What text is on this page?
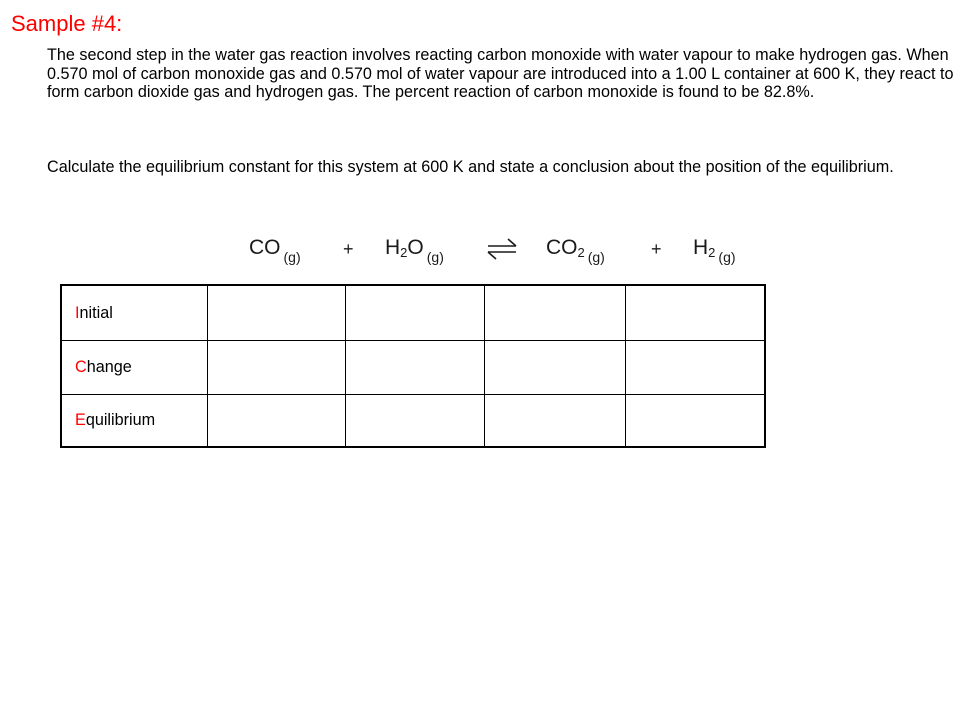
Sample #4:

The second step in the water gas reaction involves reacting carbon monoxide with water vapour to make hydrogen gas. When 0.570 mol of carbon monoxide gas and 0.570 mol of water vapour are introduced into a 1.00 L container at 600 K, they react to form carbon dioxide gas and hydrogen gas. The percent reaction of carbon monoxide is found to be 82.8%.

Calculate the equilibrium constant for this system at 600 K and state a conclusion about the position of the equilibrium.

CO $_{(g)} + H_2O$ $_{(g)}$ ⇌ $CO_2$ $_{(g)}$	+ $H_2$ $_{(g)}$
I nitial
C hange
E quilibrium
